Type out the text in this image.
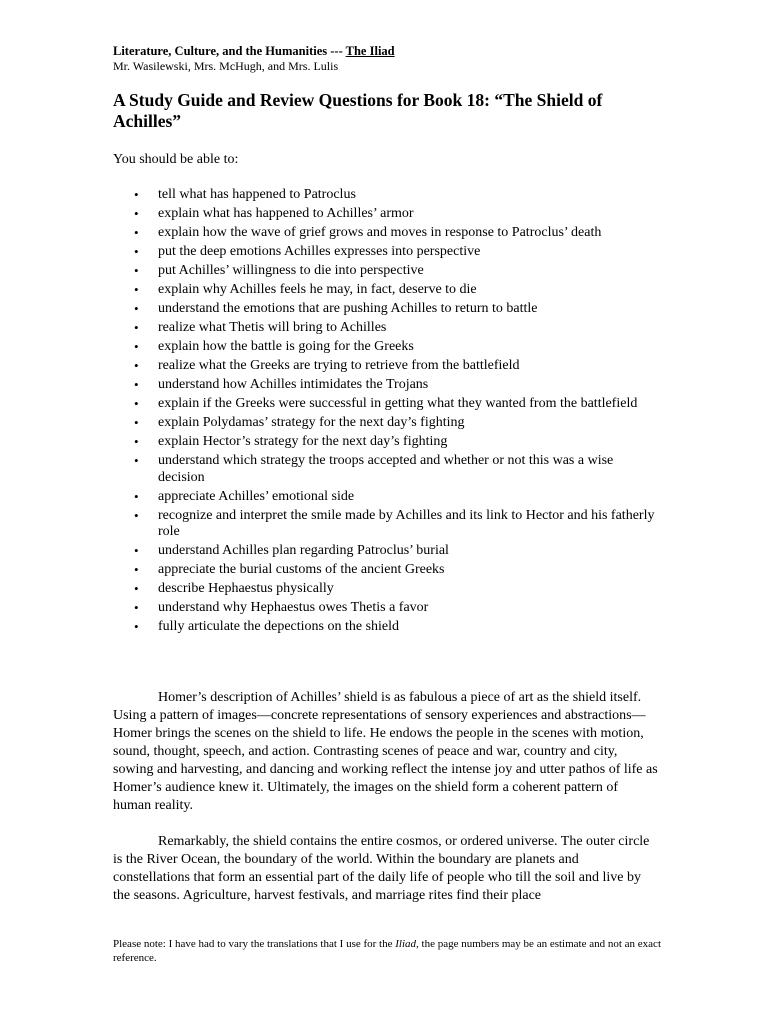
Literature, Culture, and the Humanities --- The Iliad

Mr. Wasilewski, Mrs. McHugh, and Mrs. Lulis

A Study Guide and Review Questions for Book 18: “The Shield of Achilles”

You should be able to:

• tell what has happened to Patroclus
• explain what has happened to Achilles’ armor
• explain how the wave of grief grows and moves in response to Patroclus’ death
• put the deep emotions Achilles expresses into perspective
• put Achilles’ willingness to die into perspective
• explain why Achilles feels he may, in fact, deserve to die
• understand the emotions that are pushing Achilles to return to battle
• realize what Thetis will bring to Achilles
• explain how the battle is going for the Greeks
• realize what the Greeks are trying to retrieve from the battlefield
• understand how Achilles intimidates the Trojans
• explain if the Greeks were successful in getting what they wanted from the battlefield
• explain Polydamas’ strategy for the next day’s fighting
• explain Hector’s strategy for the next day’s fighting
• understand which strategy the troops accepted and whether or not this was a wise decision
• appreciate Achilles’ emotional side
• recognize and interpret the smile made by Achilles and its link to Hector and his fatherly role
• understand Achilles plan regarding Patroclus’ burial
• appreciate the burial customs of the ancient Greeks
• describe Hephaestus physically
• understand why Hephaestus owes Thetis a favor
• fully articulate the depections on the shield

Homer’s description of Achilles’ shield is as fabulous a piece of art as the shield itself. Using a pattern of images—concrete representations of sensory experiences and abstractions—Homer brings the scenes on the shield to life. He endows the people in the scenes with motion, sound, thought, speech, and action. Contrasting scenes of peace and war, country and city, sowing and harvesting, and dancing and working reflect the intense joy and utter pathos of life as Homer’s audience knew it. Ultimately, the images on the shield form a coherent pattern of human reality.

Remarkably, the shield contains the entire cosmos, or ordered universe. The outer circle is the River Ocean, the boundary of the world. Within the boundary are planets and constellations that form an essential part of the daily life of people who till the soil and live by the seasons. Agriculture, harvest festivals, and marriage rites find their place

Please note: I have had to vary the translations that I use for the Iliad, the page numbers may be an estimate and not an exact reference.
